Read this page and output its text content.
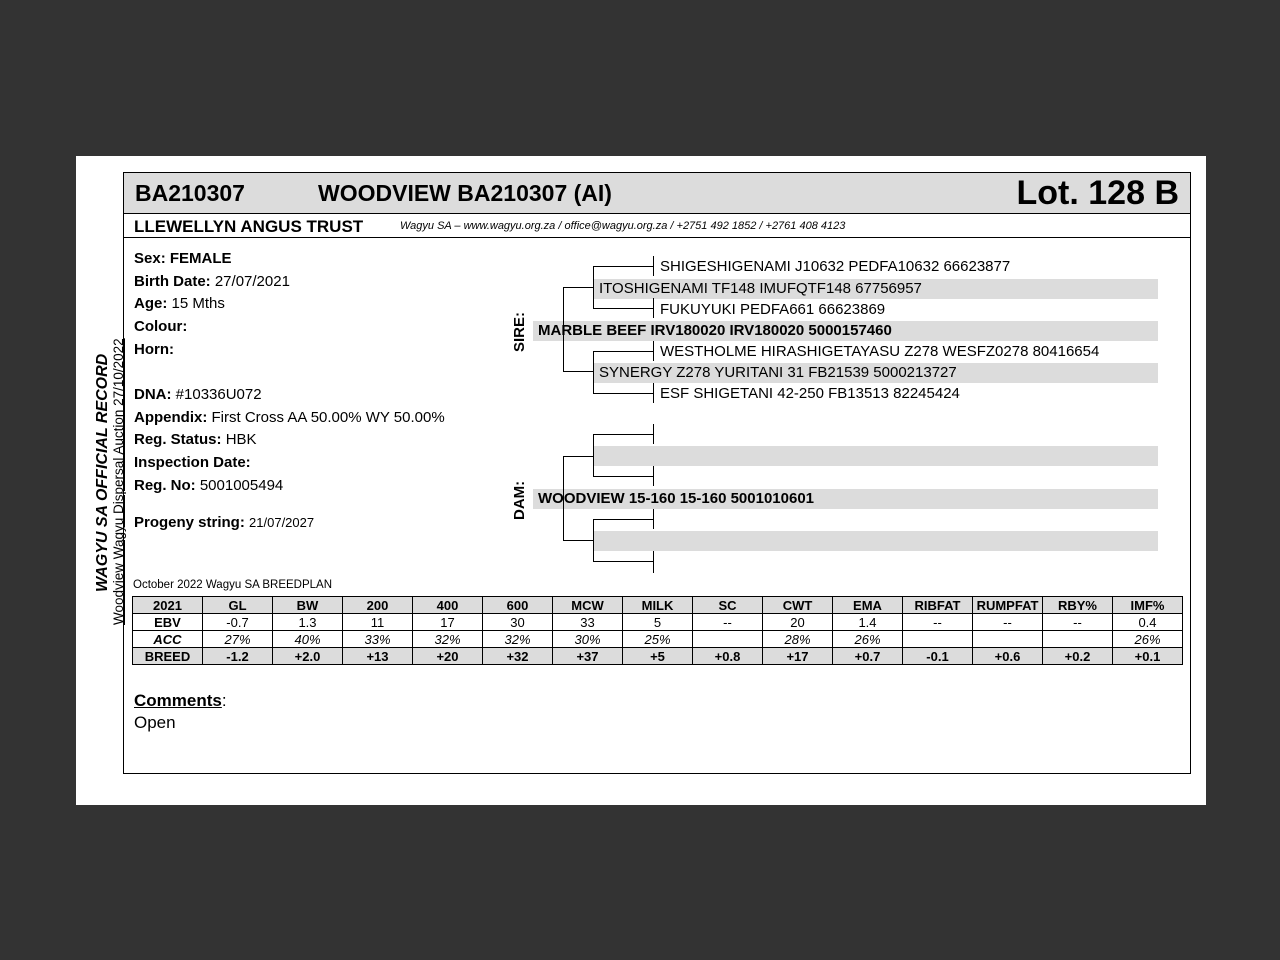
WAGYU SA OFFICIAL RECORD Woodview Wagyu Dispersal Auction 27/10/2022
BA210307	WOODVIEW BA210307 (AI)	Lot. 128 B
LLEWELLYN ANGUS TRUST	Wagyu SA – www.wagyu.org.za / office@wagyu.org.za / +2751 492 1852 / +2761 408 4123
Sex: FEMALE
Birth Date: 27/07/2021
Age: 15 Mths
Colour:
Horn:
DNA: #10336U072
Appendix: First Cross AA 50.00% WY 50.00%
Reg. Status: HBK
Inspection Date:
Reg. No: 5001005494
Progeny string: 21/07/2027
SIRE: MARBLE BEEF IRV180020 IRV180020 5000157460
ITOSHIGENAMI TF148 IMUFQTF148 67756957
SHIGESHIGENAMI J10632 PEDFA10632 66623877
FUKUYUKI PEDFA661 66623869
SYNERGY Z278 YURITANI 31 FB21539 5000213727
WESTHOLME HIRASHIGETAYASU Z278 WESFZ0278 80416654
ESF SHIGETANI 42-250 FB13513 82245424
DAM: WOODVIEW 15-160 15-160 5001010601
October 2022 Wagyu SA BREEDPLAN
2021	GL	BW	200	400	600	MCW	MILK	SC	CWT	EMA	RIBFAT	RUMPFAT	RBY%	IMF%
EBV	-0.7	1.3	11	17	30	33	5	--	20	1.4	--	--	--	0.4
ACC	27%	40%	33%	32%	32%	30%	25%		28%	26%				26%
BREED	-1.2	+2.0	+13	+20	+32	+37	+5	+0.8	+17	+0.7	-0.1	+0.6	+0.2	+0.1
Comments:
Open
